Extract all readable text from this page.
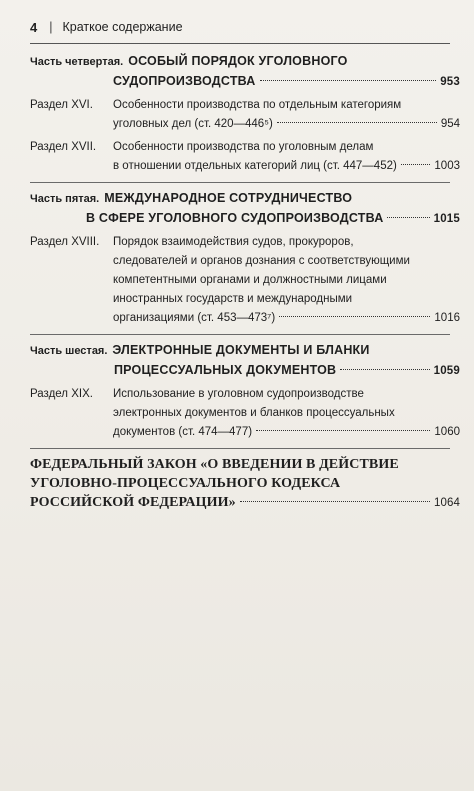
4 | Краткое содержание
Часть четвертая. ОСОБЫЙ ПОРЯДОК УГОЛОВНОГО
СУДОПРОИЗВОДСТВА	953
Раздел XVI.	Особенности производства по отдельным категориям
уголовных дел (ст. 420—446⁵)	954
Раздел XVII.	Особенности производства по уголовным делам
в отношении отдельных категорий лиц (ст. 447—452)	1003
Часть пятая. МЕЖДУНАРОДНОЕ СОТРУДНИЧЕСТВО
В СФЕРЕ УГОЛОВНОГО СУДОПРОИЗВОДСТВА	1015
Раздел XVIII.	Порядок взаимодействия судов, прокуроров,
следователей и органов дознания с соответствующими
компетентными органами и должностными лицами
иностранных государств и международными
организациями (ст. 453—473⁷)	1016
Часть шестая. ЭЛЕКТРОННЫЕ ДОКУМЕНТЫ И БЛАНКИ
ПРОЦЕССУАЛЬНЫХ ДОКУМЕНТОВ	1059
Раздел XIX.	Использование в уголовном судопроизводстве
электронных документов и бланков процессуальных
документов (ст. 474—477)	1060
ФЕДЕРАЛЬНЫЙ ЗАКОН «О ВВЕДЕНИИ В ДЕЙСТВИЕ
УГОЛОВНО-ПРОЦЕССУАЛЬНОГО КОДЕКСА
РОССИЙСКОЙ ФЕДЕРАЦИИ»	1064
